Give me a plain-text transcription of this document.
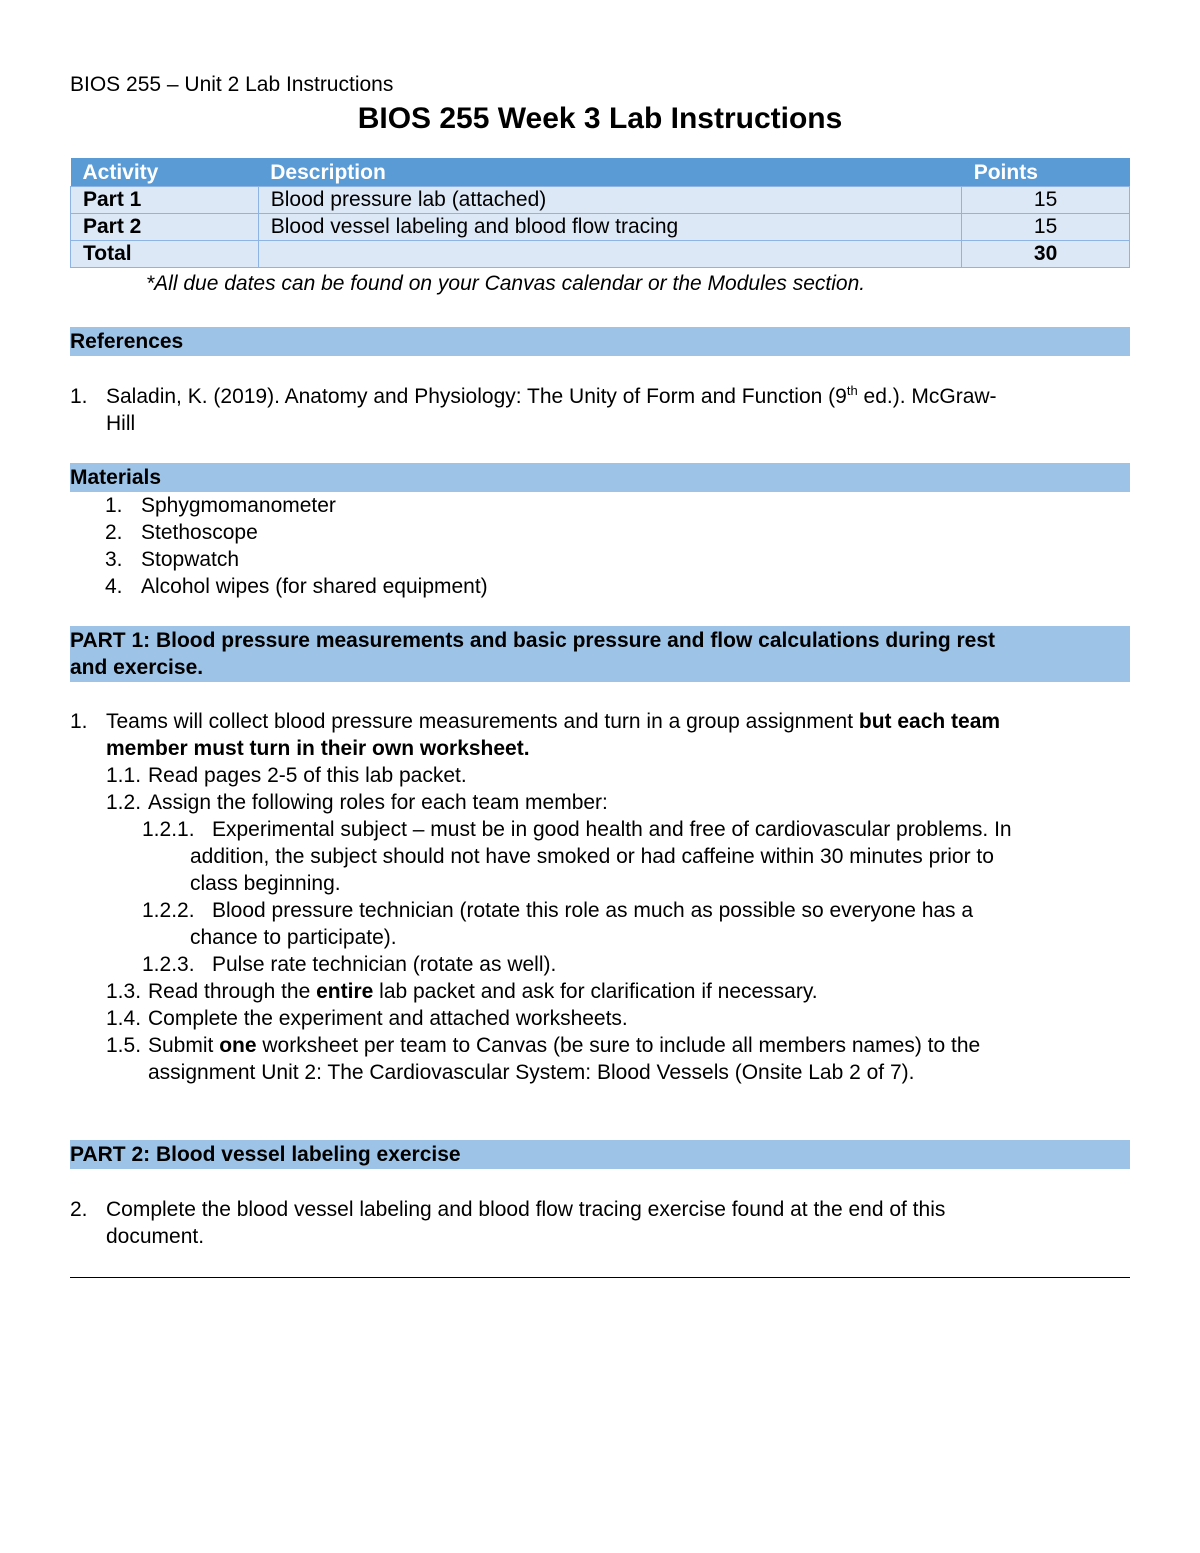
BIOS 255 – Unit 2 Lab Instructions

BIOS 255 Week 3 Lab Instructions

Activity	Description	Points
Part 1	Blood pressure lab (attached)	15
Part 2	Blood vessel labeling and blood flow tracing	15
Total		30

*All due dates can be found on your Canvas calendar or the Modules section.

References

1. Saladin, K. (2019). Anatomy and Physiology: The Unity of Form and Function (9th ed.). McGraw-
Hill

Materials

1. Sphygmomanometer
2. Stethoscope
3. Stopwatch
4. Alcohol wipes (for shared equipment)
PART 1: Blood pressure measurements and basic pressure and flow calculations during rest
and exercise.
1. Teams will collect blood pressure measurements and turn in a group assignment but each team
member must turn in their own worksheet.
1.1. Read pages 2-5 of this lab packet.
1.2. Assign the following roles for each team member:
1.2.1. Experimental subject – must be in good health and free of cardiovascular problems. In
addition, the subject should not have smoked or had caffeine within 30 minutes prior to
class beginning.
1.2.2. Blood pressure technician (rotate this role as much as possible so everyone has a
chance to participate).
1.2.3. Pulse rate technician (rotate as well).
1.3. Read through the entire lab packet and ask for clarification if necessary.
1.4. Complete the experiment and attached worksheets.
1.5. Submit one worksheet per team to Canvas (be sure to include all members names) to the
assignment Unit 2: The Cardiovascular System: Blood Vessels (Onsite Lab 2 of 7).

PART 2: Blood vessel labeling exercise

2. Complete the blood vessel labeling and blood flow tracing exercise found at the end of this
document.
